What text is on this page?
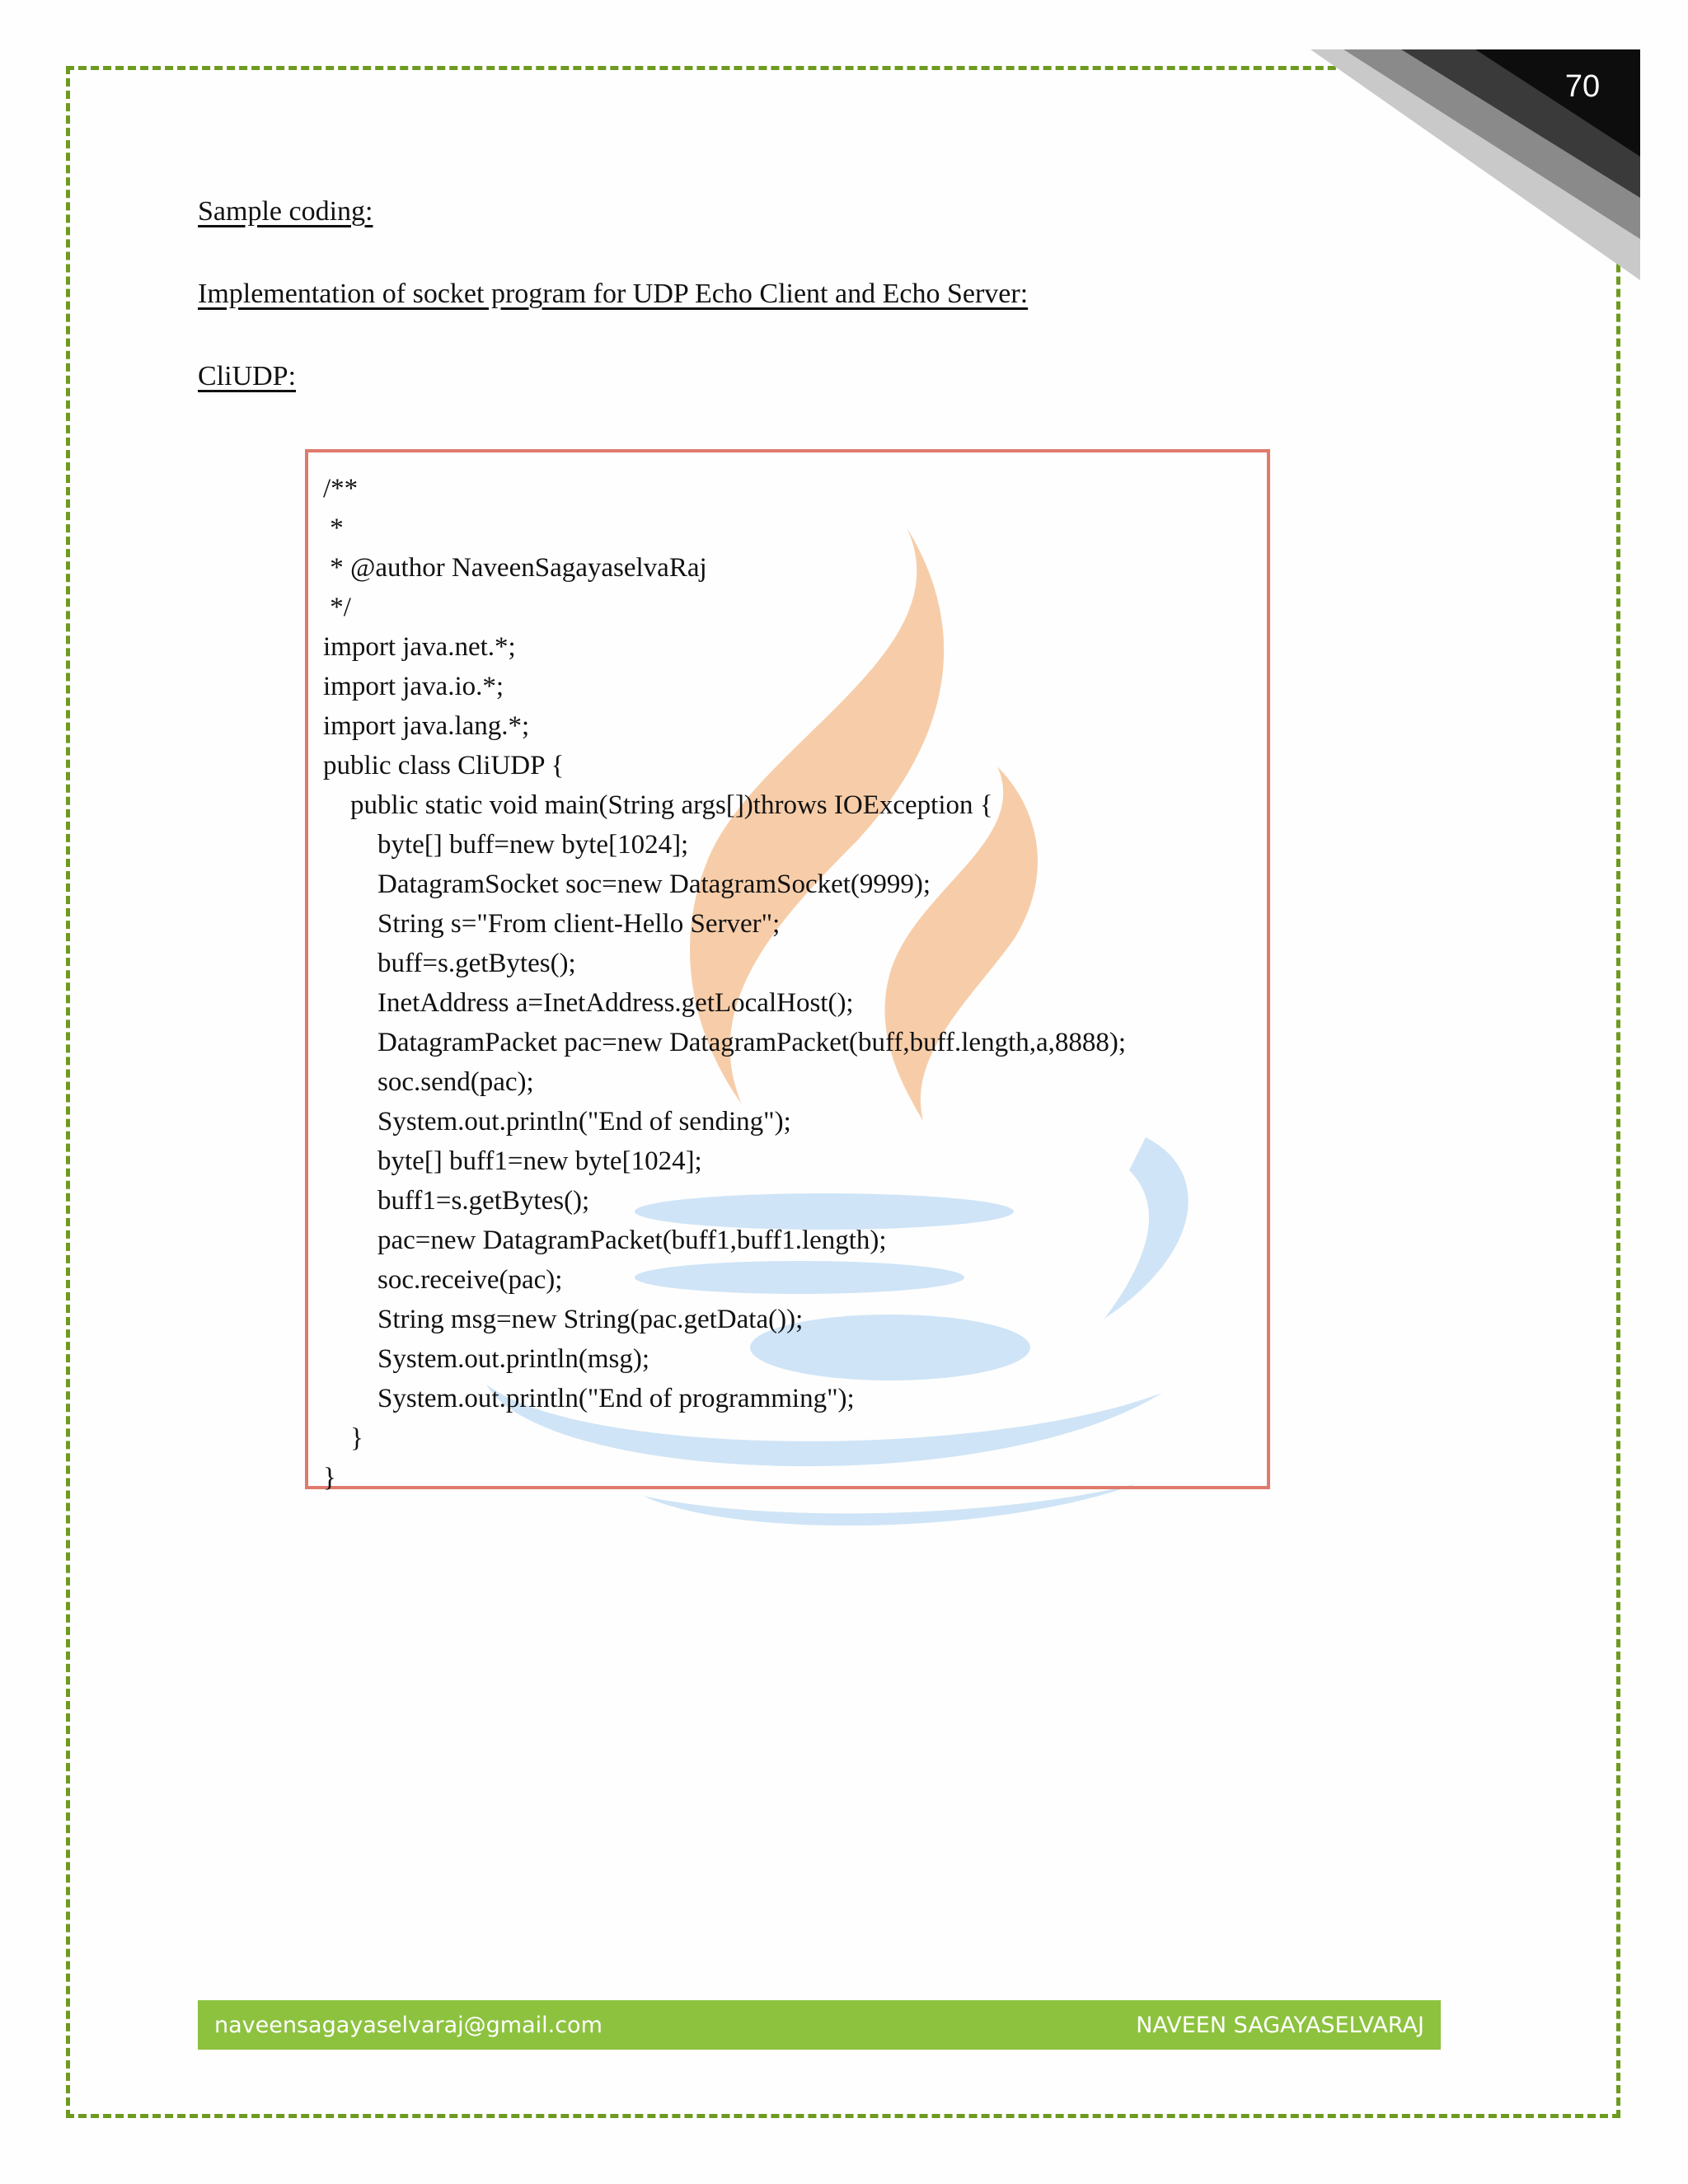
70
Sample coding:
Implementation of socket program for UDP Echo Client and Echo Server:
CliUDP:
/**
*
* @author NaveenSagayaselvaRaj
*/
import java.net.*;
import java.io.*;
import java.lang.*;
public class CliUDP {
public static void main(String args[])throws IOException {
byte[] buff=new byte[1024];
DatagramSocket soc=new DatagramSocket(9999);
String s="From client-Hello Server";
buff=s.getBytes();
InetAddress a=InetAddress.getLocalHost();
DatagramPacket pac=new DatagramPacket(buff,buff.length,a,8888);
soc.send(pac);
System.out.println("End of sending");
byte[] buff1=new byte[1024];
buff1=s.getBytes();
pac=new DatagramPacket(buff1,buff1.length);
soc.receive(pac);
String msg=new String(pac.getData());
System.out.println(msg);
System.out.println("End of programming");
}
}
naveensagayaselvaraj@gmail.com	NAVEEN SAGAYASELVARAJ
